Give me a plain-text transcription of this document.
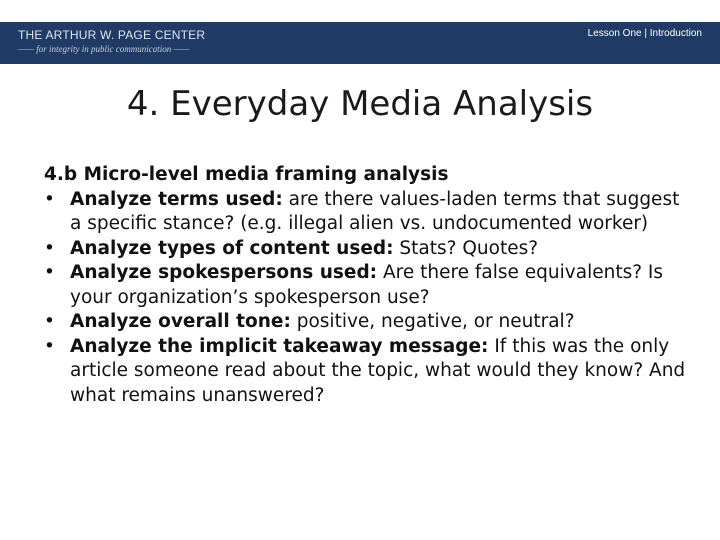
THE ARTHUR W. PAGE CENTER
—— for integrity in public communication ——
Lesson One | Introduction
4. Everyday Media Analysis
4.b Micro-level media framing analysis
• Analyze terms used: are there values-laden terms that suggest a specific stance? (e.g. illegal alien vs. undocumented worker)
• Analyze types of content used: Stats? Quotes?
• Analyze spokespersons used: Are there false equivalents? Is your organization’s spokesperson use?
• Analyze overall tone: positive, negative, or neutral?
• Analyze the implicit takeaway message: If this was the only article someone read about the topic, what would they know? And what remains unanswered?
